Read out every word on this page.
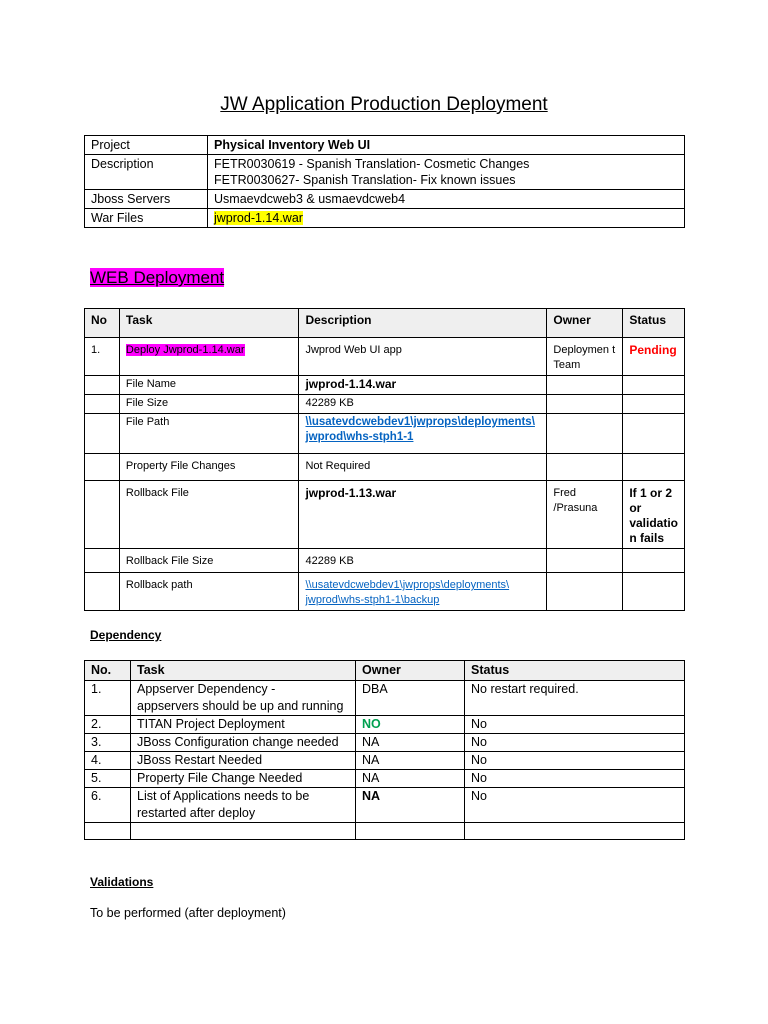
JW Application Production Deployment
Project	Physical Inventory Web UI
Description	FETR0030619 - Spanish Translation- Cosmetic Changes
FETR0030627- Spanish Translation- Fix known issues

Jboss Servers	Usmaevdcweb3 & usmaevdcweb4
War Files	jwprod-1.14.war
WEB Deployment
No	Task	Description	Owner	Status
1.	Deploy Jwprod-1.14.war	Jwprod Web UI app	Deploymen t Team	Pending
	File Name	jwprod-1.14.war		
	File Size	42289 KB		
	File Path	\\usatevdcwebdev1\jwprops\deployments\
jwprod\whs-stph1-1		

	Property File Changes	Not Required		
	Rollback File	jwprod-1.13.war	Fred /Prasuna	If 1 or 2 or validatio n fails
	Rollback File Size	42289 KB		
	Rollback path	\\usatevdcwebdev1\jwprops\deployments\
jwprod\whs-stph1-1\backup		

Dependency
No.	Task	Owner	Status
1.	Appserver Dependency -
appservers should be up and running	DBA	No restart required.
2.	TITAN Project Deployment	NO	No
3.	JBoss Configuration change needed	NA	No
4.	JBoss Restart Needed	NA	No
5.	Property File Change Needed	NA	No
6.	List of Applications needs to be
restarted after deploy	NA	No

Validations
To be performed (after deployment)
